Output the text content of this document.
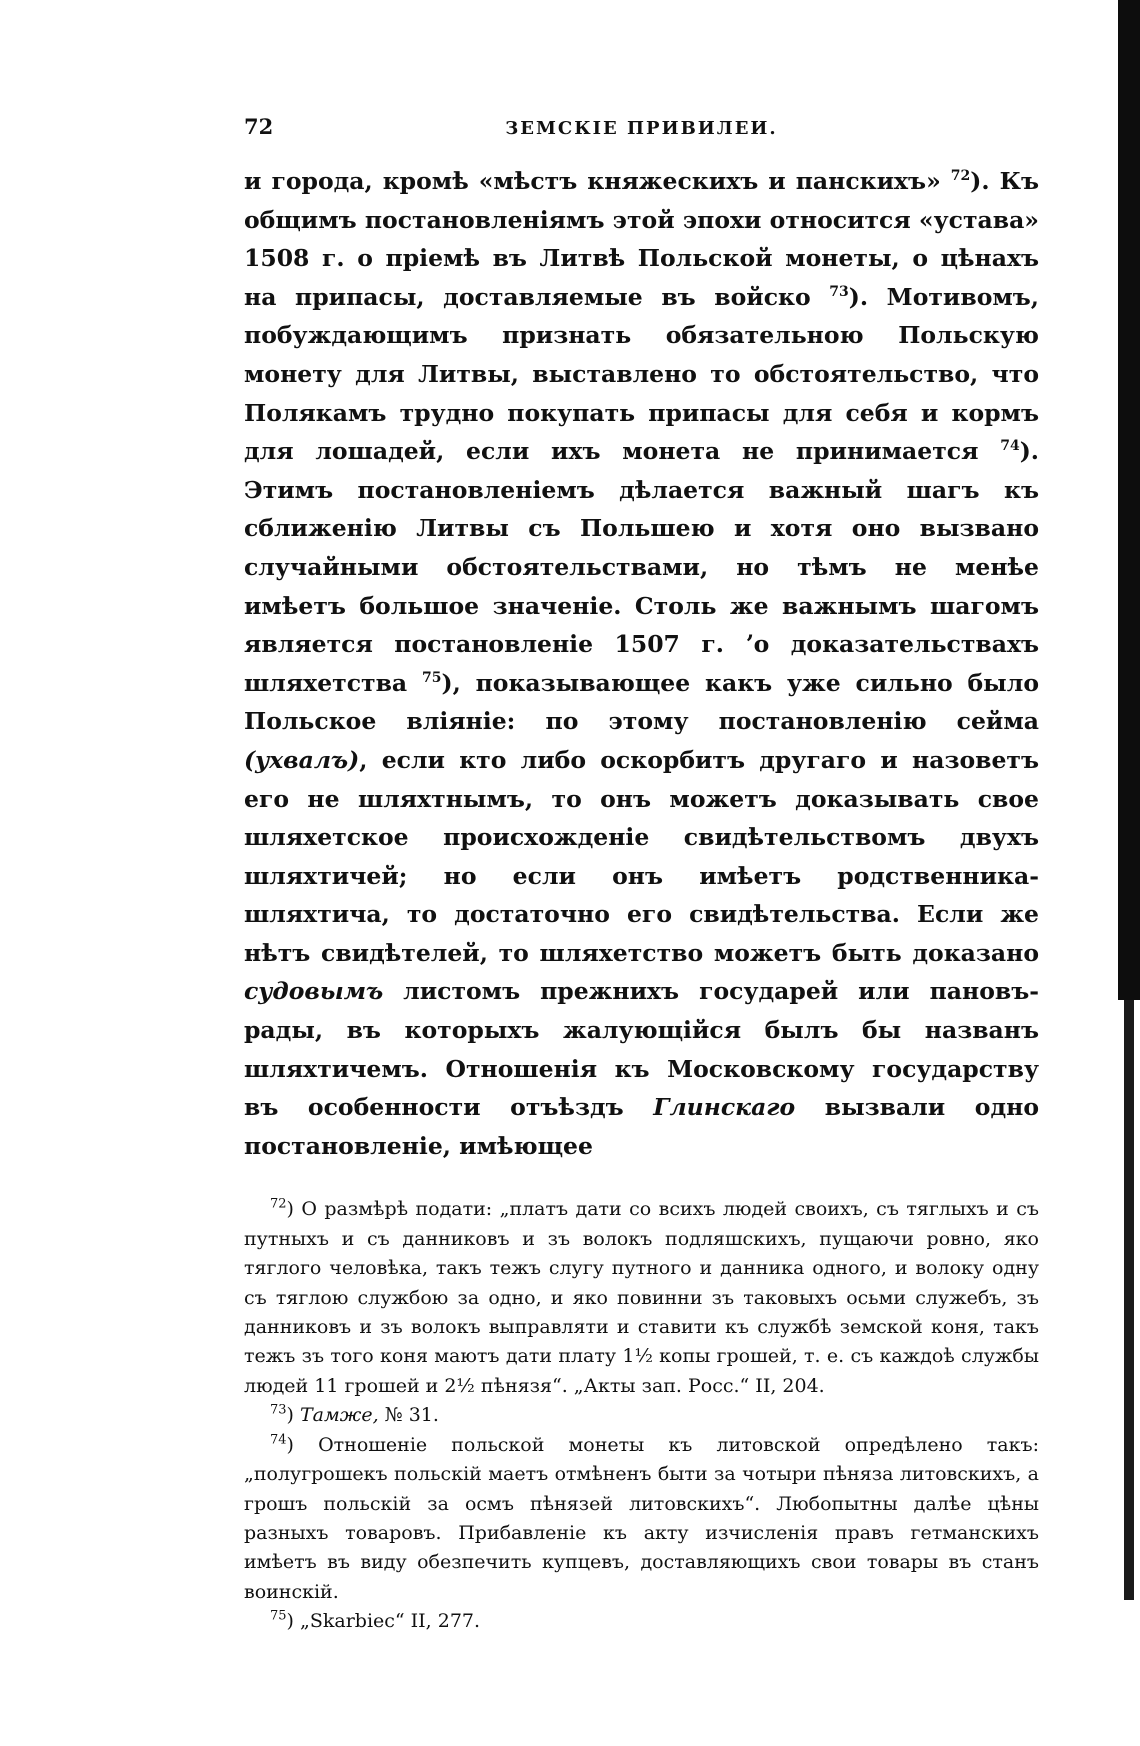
72	ЗЕМСКІЕ ПРИВИЛЕИ.

и города, кромѣ «мѣстъ княжескихъ и панскихъ» $^{72}$). Къ общимъ постановленіямъ этой эпохи относится «устава» 1508 г. о пріемѣ въ Литвѣ Польской монеты, о цѣнахъ на припасы, доставляемые въ войско $^{73}$). Мотивомъ, побуждающимъ признать обязательною Польскую монету для Литвы, выставлено то обстоятельство, что Полякамъ трудно покупать припасы для себя и кормъ для лошадей, если ихъ монета не принимается $^{74}$). Этимъ постановленіемъ дѣлается важный шагъ къ сближенію Литвы съ Польшею и хотя оно вызвано случайными обстоятельствами, но тѣмъ не менѣе имѣетъ большое значеніе. Столь же важнымъ шагомъ является постановленіе 1507 г. ʼо доказательствахъ шляхетства $^{75}$), показывающее какъ уже сильно было Польское вліяніе: по этому постановленію сейма (ухвалъ), если кто либо оскорбитъ другаго и назоветъ его не шляхтнымъ, то онъ можетъ доказывать свое шляхетское происхожденіе свидѣтельствомъ двухъ шляхтичей; но если онъ имѣетъ родственника-шляхтича, то достаточно его свидѣтельства. Если же нѣтъ свидѣтелей, то шляхетство можетъ быть доказано судовымъ листомъ прежнихъ государей или пановъ-рады, въ которыхъ жалующійся былъ бы названъ шляхтичемъ. Отношенія къ Московскому государству въ особенности отъѣздъ Глинскаго вызвали одно постановленіе, имѣющее

$^{72}$) О размѣрѣ подати: „платъ дати со всихъ людей своихъ, съ тяглыхъ и съ путныхъ и съ данниковъ и зъ волокъ подляшскихъ, пущаючи ровно, яко тяглого человѣка, такъ тежъ слугу путного и данника одного, и волоку одну съ тяглою службою за одно, и яко повинни зъ таковыхъ осьми служебъ, зъ данниковъ и зъ волокъ выправляти и ставити къ службѣ земской коня, такъ тежъ зъ того коня маютъ дати плату 1½ копы грошей, т. е. съ каждоѣ службы людей 11 грошей и 2½ пѣнязя“. „Акты зап. Росс.“ II, 204.

$^{73}$) Тамже, № 31.

$^{74}$) Отношеніе польской монеты къ литовской опредѣлено такъ: „полугрошекъ польскій маетъ отмѣненъ быти за чотыри пѣняза литовскихъ, а грошъ польскій за осмъ пѣнязей литовскихъ“. Любопытны далѣе цѣны разныхъ товаровъ. Прибавленіе къ акту изчисленія правъ гетманскихъ имѣетъ въ виду обезпечить купцевъ, доставляющихъ свои товары въ станъ воинскій.

$^{75}$) „Skarbiec“ II, 277.
